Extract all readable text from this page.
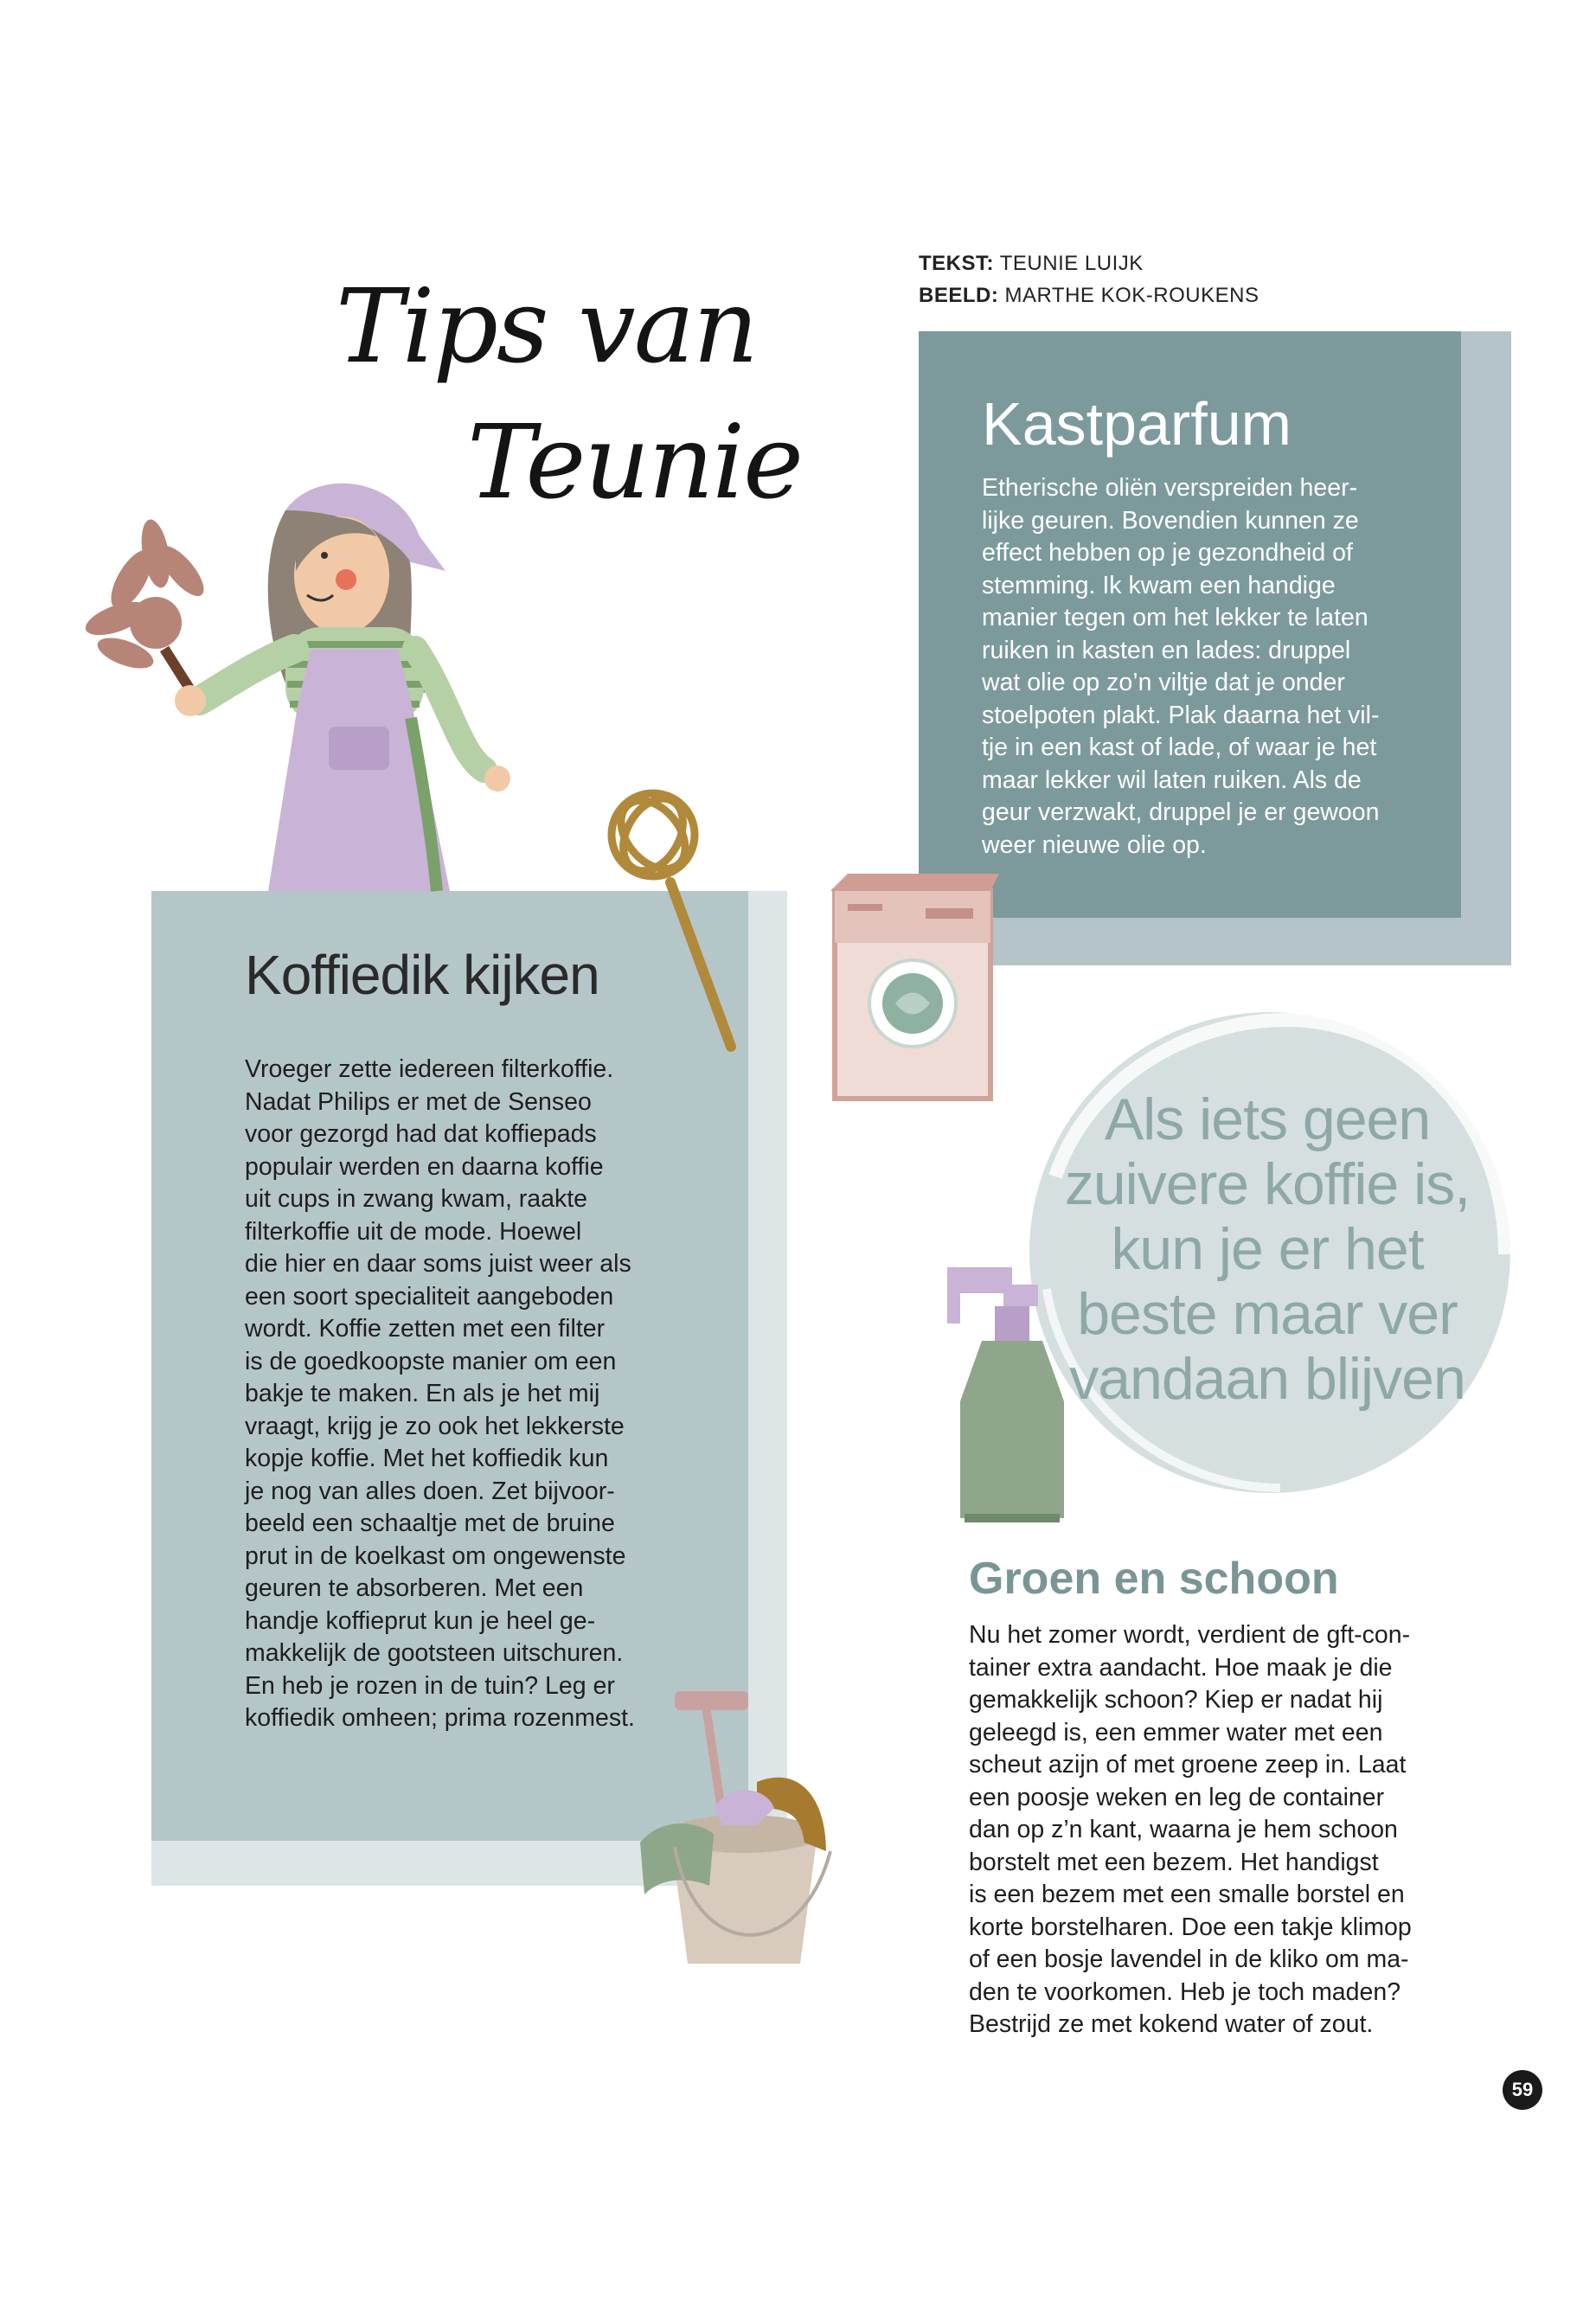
Tips van
Teunie
TEKST: TEUNIE LUIJK
BEELD: MARTHE KOK-ROUKENS
Kastparfum
Etherische oliën verspreiden heer-
lijke geuren. Bovendien kunnen ze
effect hebben op je gezondheid of
stemming. Ik kwam een handige
manier tegen om het lekker te laten
ruiken in kasten en lades: druppel
wat olie op zo’n viltje dat je onder
stoelpoten plakt. Plak daarna het vil-
tje in een kast of lade, of waar je het
maar lekker wil laten ruiken. Als de
geur verzwakt, druppel je er gewoon
weer nieuwe olie op.
Koffiedik kijken
Vroeger zette iedereen filterkoffie.
Nadat Philips er met de Senseo
voor gezorgd had dat koffiepads
populair werden en daarna koffie
uit cups in zwang kwam, raakte
filterkoffie uit de mode. Hoewel
die hier en daar soms juist weer als
een soort specialiteit aangeboden
wordt. Koffie zetten met een filter
is de goedkoopste manier om een
bakje te maken. En als je het mij
vraagt, krijg je zo ook het lekkerste
kopje koffie. Met het koffiedik kun
je nog van alles doen. Zet bijvoor-
beeld een schaaltje met de bruine
prut in de koelkast om ongewenste
geuren te absorberen. Met een
handje koffieprut kun je heel ge-
makkelijk de gootsteen uitschuren.
En heb je rozen in de tuin? Leg er
koffiedik omheen; prima rozenmest.
Als iets geen zuivere koffie is, kun je er het beste maar ver vandaan blijven
Groen en schoon
Nu het zomer wordt, verdient de gft-con-
tainer extra aandacht. Hoe maak je die
gemakkelijk schoon? Kiep er nadat hij
geleegd is, een emmer water met een
scheut azijn of met groene zeep in. Laat
een poosje weken en leg de container
dan op z’n kant, waarna je hem schoon
borstelt met een bezem. Het handigst
is een bezem met een smalle borstel en
korte borstelharen. Doe een takje klimop
of een bosje lavendel in de kliko om ma-
den te voorkomen. Heb je toch maden?
Bestrijd ze met kokend water of zout.
59
